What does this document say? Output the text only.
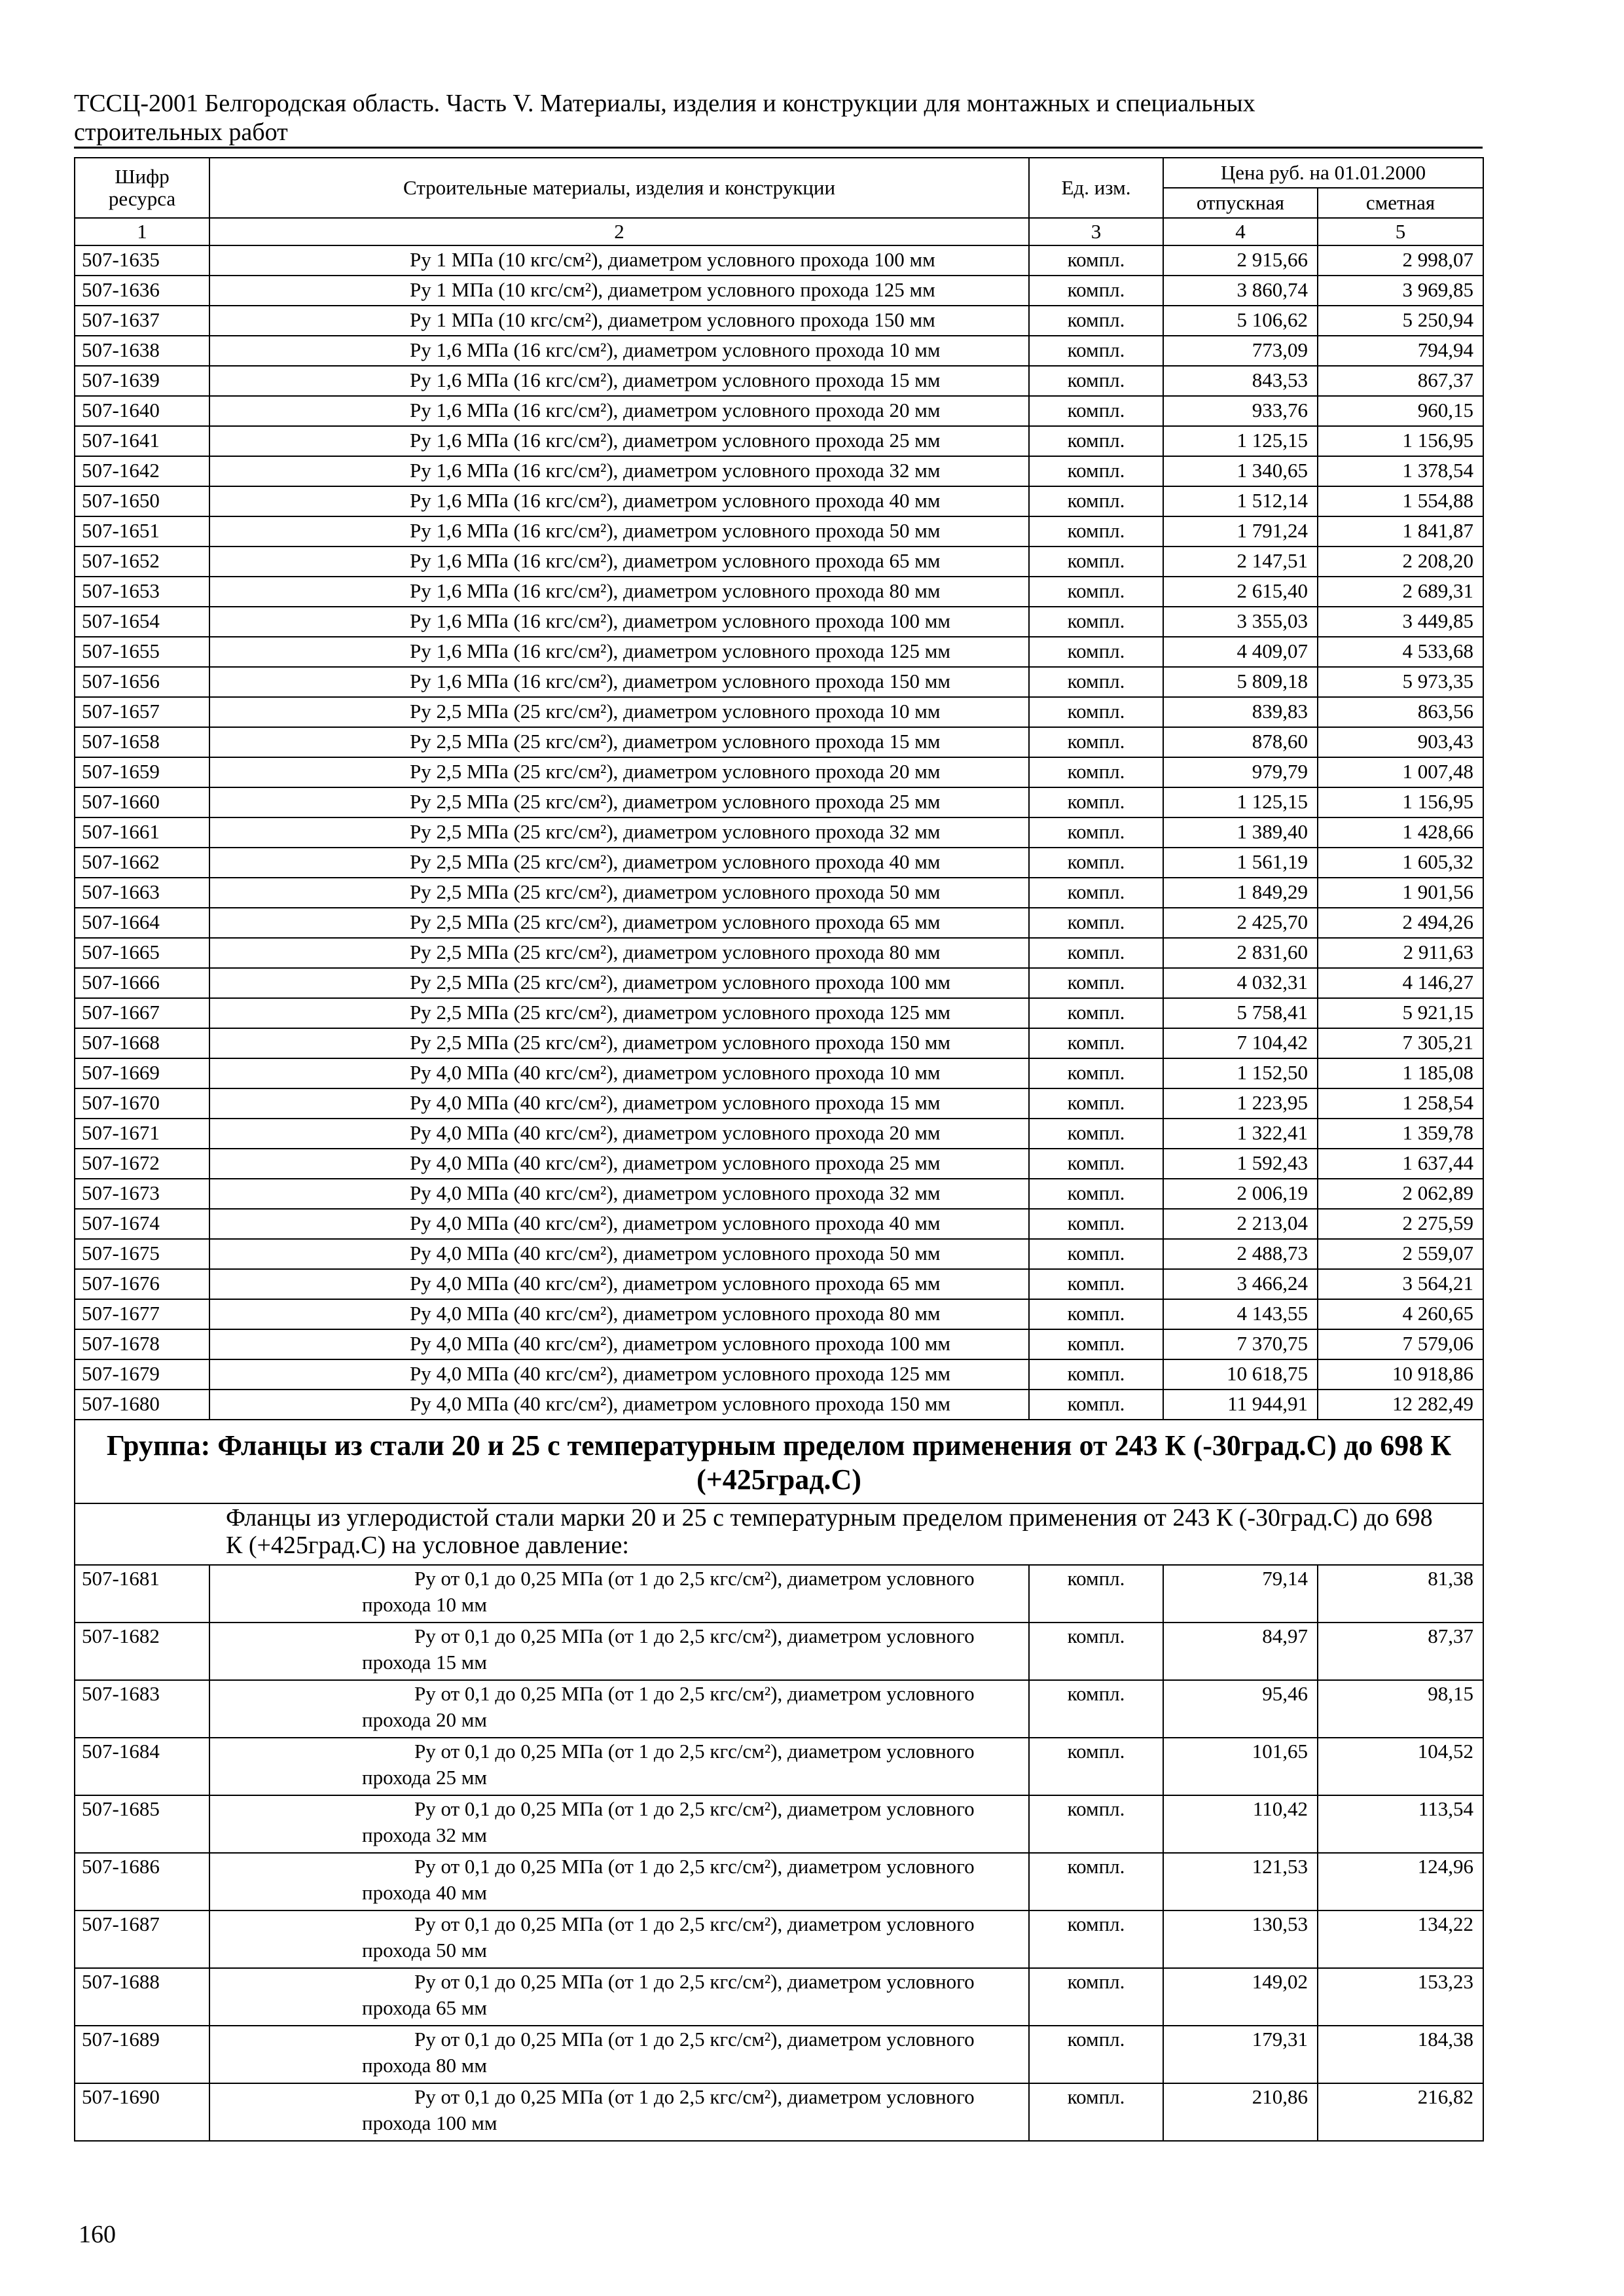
ТССЦ-2001 Белгородская область. Часть V. Материалы, изделия и конструкции для монтажных и специальных
строительных работ
Шифр ресурса	Строительные материалы, изделия и конструкции	Ед. изм.	Цена руб. на 01.01.2000	
			отпускная	сметная
1	2	3	4	5
507-1635	Ру 1 МПа (10 кгс/см²), диаметром условного прохода 100 мм	компл.	2 915,66	2 998,07
507-1636	Ру 1 МПа (10 кгс/см²), диаметром условного прохода 125 мм	компл.	3 860,74	3 969,85
507-1637	Ру 1 МПа (10 кгс/см²), диаметром условного прохода 150 мм	компл.	5 106,62	5 250,94
507-1638	Ру 1,6 МПа (16 кгс/см²), диаметром условного прохода 10 мм	компл.	773,09	794,94
507-1639	Ру 1,6 МПа (16 кгс/см²), диаметром условного прохода 15 мм	компл.	843,53	867,37
507-1640	Ру 1,6 МПа (16 кгс/см²), диаметром условного прохода 20 мм	компл.	933,76	960,15
507-1641	Ру 1,6 МПа (16 кгс/см²), диаметром условного прохода 25 мм	компл.	1 125,15	1 156,95
507-1642	Ру 1,6 МПа (16 кгс/см²), диаметром условного прохода 32 мм	компл.	1 340,65	1 378,54
507-1650	Ру 1,6 МПа (16 кгс/см²), диаметром условного прохода 40 мм	компл.	1 512,14	1 554,88
507-1651	Ру 1,6 МПа (16 кгс/см²), диаметром условного прохода 50 мм	компл.	1 791,24	1 841,87
507-1652	Ру 1,6 МПа (16 кгс/см²), диаметром условного прохода 65 мм	компл.	2 147,51	2 208,20
507-1653	Ру 1,6 МПа (16 кгс/см²), диаметром условного прохода 80 мм	компл.	2 615,40	2 689,31
507-1654	Ру 1,6 МПа (16 кгс/см²), диаметром условного прохода 100 мм	компл.	3 355,03	3 449,85
507-1655	Ру 1,6 МПа (16 кгс/см²), диаметром условного прохода 125 мм	компл.	4 409,07	4 533,68
507-1656	Ру 1,6 МПа (16 кгс/см²), диаметром условного прохода 150 мм	компл.	5 809,18	5 973,35
507-1657	Ру 2,5 МПа (25 кгс/см²), диаметром условного прохода 10 мм	компл.	839,83	863,56
507-1658	Ру 2,5 МПа (25 кгс/см²), диаметром условного прохода 15 мм	компл.	878,60	903,43
507-1659	Ру 2,5 МПа (25 кгс/см²), диаметром условного прохода 20 мм	компл.	979,79	1 007,48
507-1660	Ру 2,5 МПа (25 кгс/см²), диаметром условного прохода 25 мм	компл.	1 125,15	1 156,95
507-1661	Ру 2,5 МПа (25 кгс/см²), диаметром условного прохода 32 мм	компл.	1 389,40	1 428,66
507-1662	Ру 2,5 МПа (25 кгс/см²), диаметром условного прохода 40 мм	компл.	1 561,19	1 605,32
507-1663	Ру 2,5 МПа (25 кгс/см²), диаметром условного прохода 50 мм	компл.	1 849,29	1 901,56
507-1664	Ру 2,5 МПа (25 кгс/см²), диаметром условного прохода 65 мм	компл.	2 425,70	2 494,26
507-1665	Ру 2,5 МПа (25 кгс/см²), диаметром условного прохода 80 мм	компл.	2 831,60	2 911,63
507-1666	Ру 2,5 МПа (25 кгс/см²), диаметром условного прохода 100 мм	компл.	4 032,31	4 146,27
507-1667	Ру 2,5 МПа (25 кгс/см²), диаметром условного прохода 125 мм	компл.	5 758,41	5 921,15
507-1668	Ру 2,5 МПа (25 кгс/см²), диаметром условного прохода 150 мм	компл.	7 104,42	7 305,21
507-1669	Ру 4,0 МПа (40 кгс/см²), диаметром условного прохода 10 мм	компл.	1 152,50	1 185,08
507-1670	Ру 4,0 МПа (40 кгс/см²), диаметром условного прохода 15 мм	компл.	1 223,95	1 258,54
507-1671	Ру 4,0 МПа (40 кгс/см²), диаметром условного прохода 20 мм	компл.	1 322,41	1 359,78
507-1672	Ру 4,0 МПа (40 кгс/см²), диаметром условного прохода 25 мм	компл.	1 592,43	1 637,44
507-1673	Ру 4,0 МПа (40 кгс/см²), диаметром условного прохода 32 мм	компл.	2 006,19	2 062,89
507-1674	Ру 4,0 МПа (40 кгс/см²), диаметром условного прохода 40 мм	компл.	2 213,04	2 275,59
507-1675	Ру 4,0 МПа (40 кгс/см²), диаметром условного прохода 50 мм	компл.	2 488,73	2 559,07
507-1676	Ру 4,0 МПа (40 кгс/см²), диаметром условного прохода 65 мм	компл.	3 466,24	3 564,21
507-1677	Ру 4,0 МПа (40 кгс/см²), диаметром условного прохода 80 мм	компл.	4 143,55	4 260,65
507-1678	Ру 4,0 МПа (40 кгс/см²), диаметром условного прохода 100 мм	компл.	7 370,75	7 579,06
507-1679	Ру 4,0 МПа (40 кгс/см²), диаметром условного прохода 125 мм	компл.	10 618,75	10 918,86
507-1680	Ру 4,0 МПа (40 кгс/см²), диаметром условного прохода 150 мм	компл.	11 944,91	12 282,49
Группа: Фланцы из стали 20 и 25 с температурным пределом применения от 243 К (-30град.С) до 698 К (+425град.С)				
Фланцы из углеродистой стали марки 20 и 25 с температурным пределом применения от 243 К (-30град.С) до 698 К (+425град.С) на условное давление:				
507-1681	Ру от 0,1 до 0,25 МПа (от 1 до 2,5 кгс/см²), диаметром условного
прохода 10 мм	компл.	79,14	81,38
507-1682	Ру от 0,1 до 0,25 МПа (от 1 до 2,5 кгс/см²), диаметром условного
прохода 15 мм	компл.	84,97	87,37
507-1683	Ру от 0,1 до 0,25 МПа (от 1 до 2,5 кгс/см²), диаметром условного
прохода 20 мм	компл.	95,46	98,15
507-1684	Ру от 0,1 до 0,25 МПа (от 1 до 2,5 кгс/см²), диаметром условного
прохода 25 мм	компл.	101,65	104,52
507-1685	Ру от 0,1 до 0,25 МПа (от 1 до 2,5 кгс/см²), диаметром условного
прохода 32 мм	компл.	110,42	113,54
507-1686	Ру от 0,1 до 0,25 МПа (от 1 до 2,5 кгс/см²), диаметром условного
прохода 40 мм	компл.	121,53	124,96
507-1687	Ру от 0,1 до 0,25 МПа (от 1 до 2,5 кгс/см²), диаметром условного
прохода 50 мм	компл.	130,53	134,22
507-1688	Ру от 0,1 до 0,25 МПа (от 1 до 2,5 кгс/см²), диаметром условного
прохода 65 мм	компл.	149,02	153,23
507-1689	Ру от 0,1 до 0,25 МПа (от 1 до 2,5 кгс/см²), диаметром условного
прохода 80 мм	компл.	179,31	184,38
507-1690	Ру от 0,1 до 0,25 МПа (от 1 до 2,5 кгс/см²), диаметром условного
прохода 100 мм	компл.	210,86	216,82
160
